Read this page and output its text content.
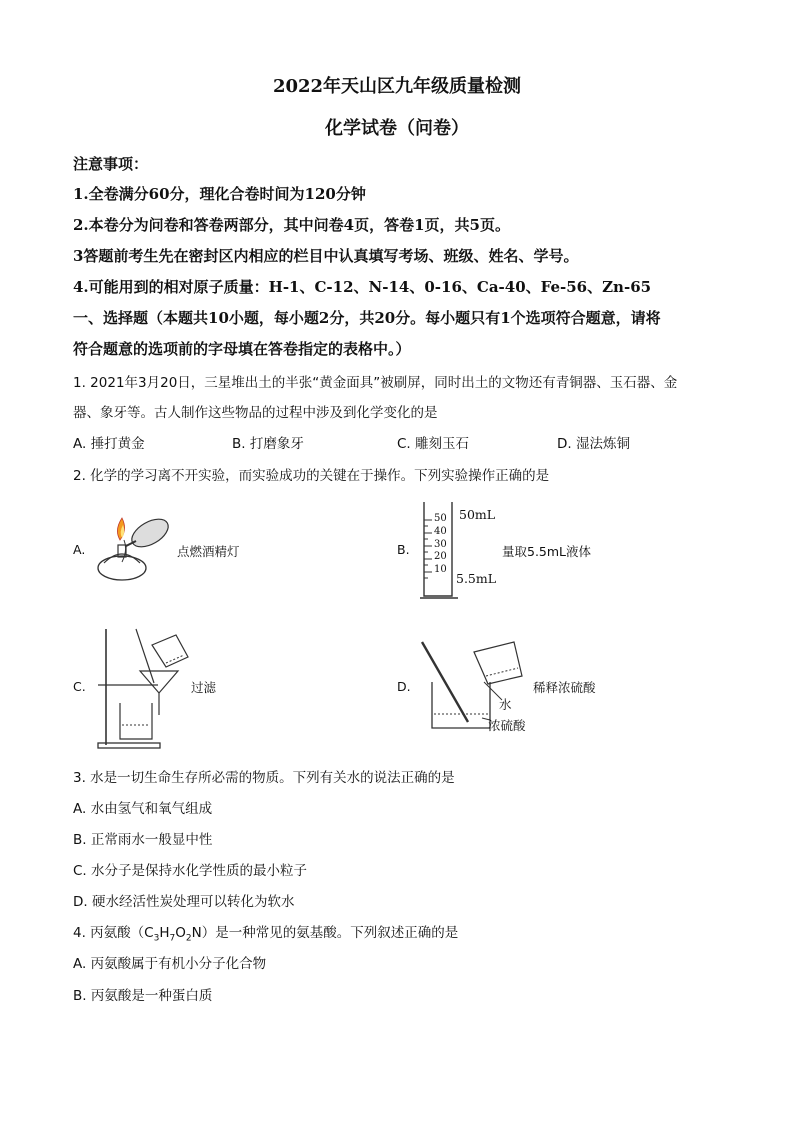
2022年天山区九年级质量检测
化学试卷（问卷）
注意事项：
1.全卷满分60分，理化合卷时间为120分钟
2.本卷分为问卷和答卷两部分，其中问卷4页，答卷1页，共5页。
3答题前考生先在密封区内相应的栏目中认真填写考场、班级、姓名、学号。
4.可能用到的相对原子质量：H-1、C-12、N-14、0-16、Ca-40、Fe-56、Zn-65
一、选择题（本题共10小题，每小题2分，共20分。每小题只有1个选项符合题意，请将
符合题意的选项前的字母填在答卷指定的表格中。）
1. 2021年3月20日，三星堆出土的半张“黄金面具”被刷屏，同时出土的文物还有青铜器、玉石器、金
器、象牙等。古人制作这些物品的过程中涉及到化学变化的是
A. 捶打黄金	B. 打磨象牙	C. 雕刻玉石	D. 湿法炼铜
2. 化学的学习离不开实验，而实验成功的关键在于操作。下列实验操作正确的是
A.	点燃酒精灯	B.
50
40
30
20
10
50mL
5.5mL
量取5.5mL液体
C.	过滤	D.
水
浓硫酸
稀释浓硫酸
3. 水是一切生命生存所必需的物质。下列有关水的说法正确的是
A. 水由氢气和氧气组成
B. 正常雨水一般显中性
C. 水分子是保持水化学性质的最小粒子
D. 硬水经活性炭处理可以转化为软水
4. 丙氨酸$(C_3H_7O_2N)$是一种常见的氨基酸。下列叙述正确的是
A. 丙氨酸属于有机小分子化合物
B. 丙氨酸是一种蛋白质
